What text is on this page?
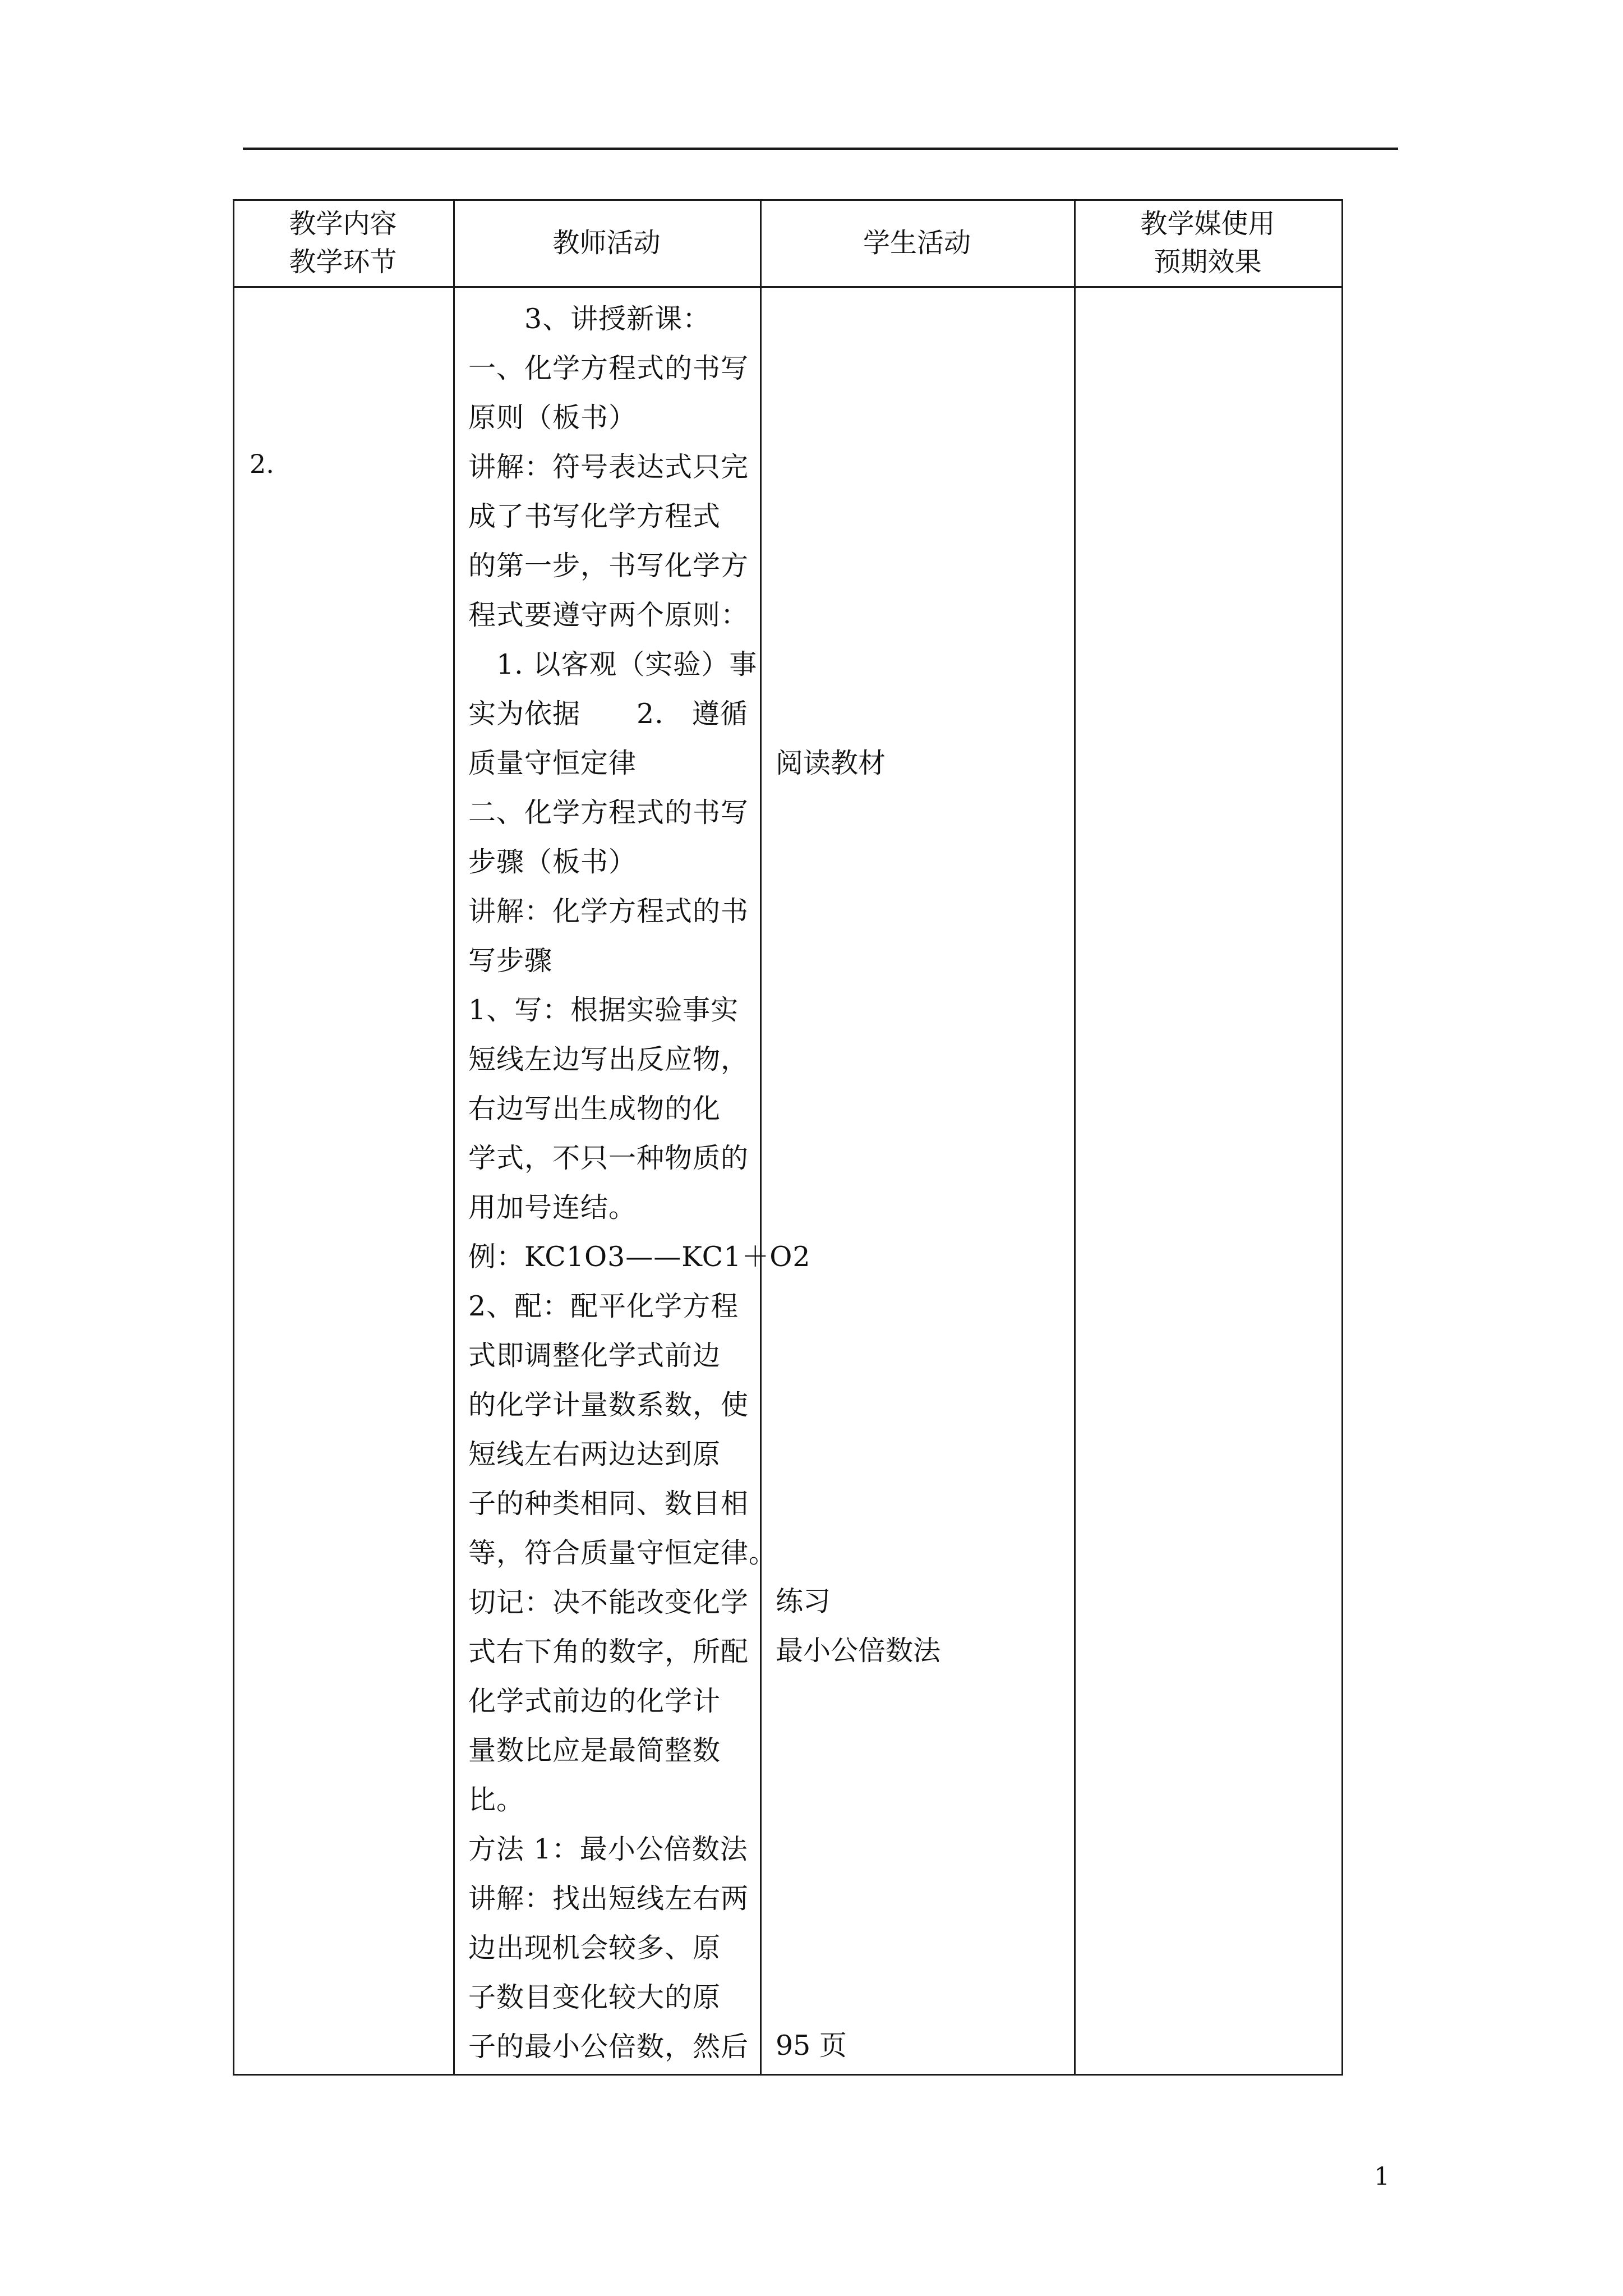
教学内容
教学环节
教师活动	学生活动
教学媒使用
预期效果
2.
　　3、讲授新课：
一、化学方程式的书写
原则（板书）
讲解：符号表达式只完
成了书写化学方程式
的第一步，书写化学方
程式要遵守两个原则：
　1. 以客观（实验）事
实为依据　　2.　遵循
质量守恒定律
二、化学方程式的书写
步骤（板书）
讲解：化学方程式的书
写步骤
1、写：根据实验事实
短线左边写出反应物，
右边写出生成物的化
学式，不只一种物质的
用加号连结。
例：KC1O3——KC1＋O2
2、配：配平化学方程
式即调整化学式前边
的化学计量数系数，使
短线左右两边达到原
子的种类相同、数目相
等，符合质量守恒定律。
切记：决不能改变化学
式右下角的数字，所配
化学式前边的化学计
量数比应是最简整数
比。
方法 1：最小公倍数法
讲解：找出短线左右两
边出现机会较多、原
子数目变化较大的原
子的最小公倍数，然后
阅读教材
练习
最小公倍数法
95 页
1
